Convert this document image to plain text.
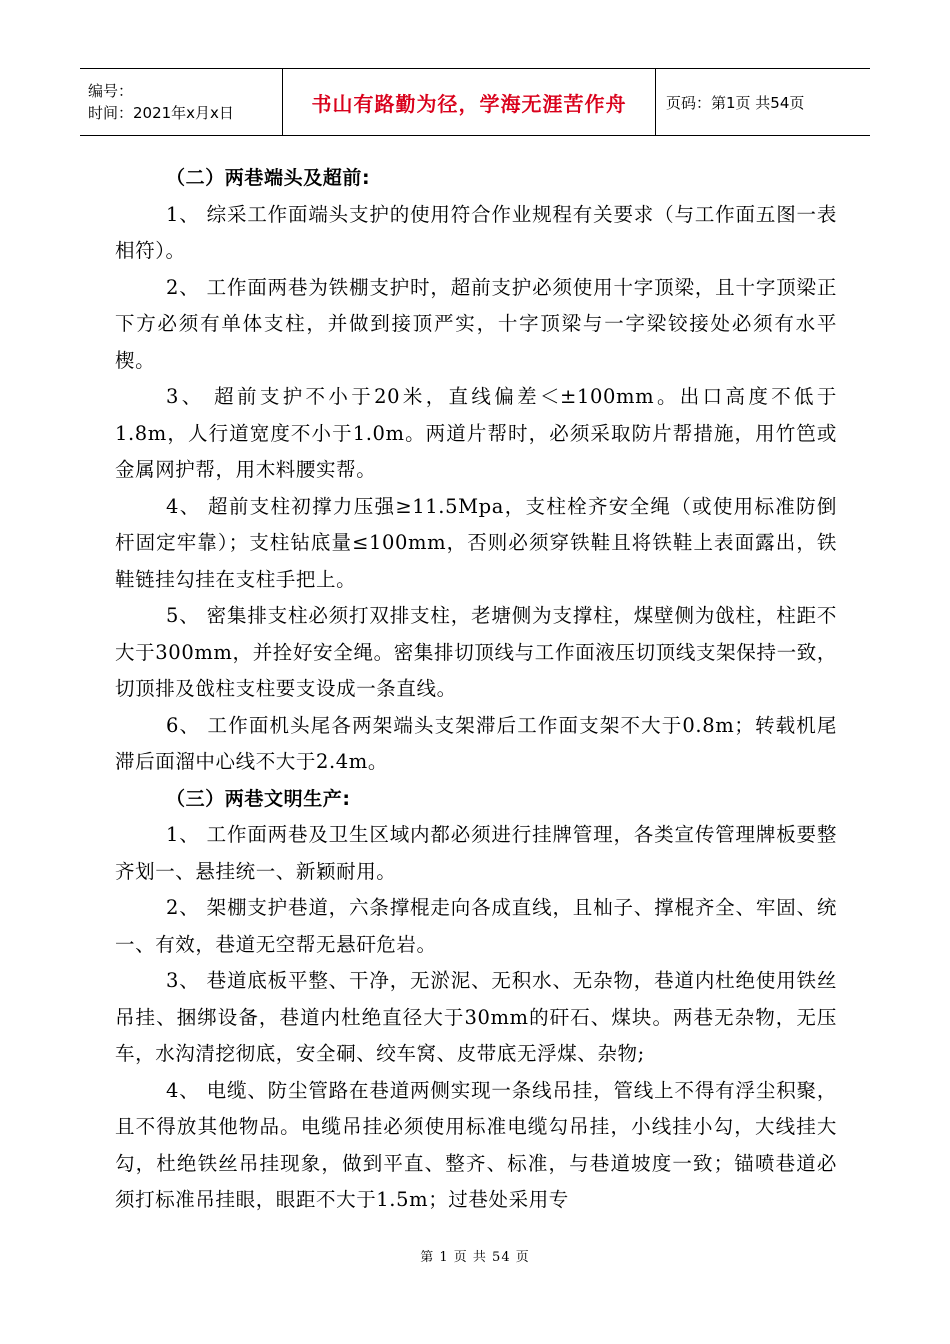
编号：
时间：2021年x月x日	书山有路勤为径，学海无涯苦作舟	页码：第1页 共54页

（二）两巷端头及超前:

1、 综采工作面端头支护的使用符合作业规程有关要求（与工作面五图一表相符）。

2、 工作面两巷为铁棚支护时，超前支护必须使用十字顶梁，且十字顶梁正下方必须有单体支柱，并做到接顶严实，十字顶梁与一字梁铰接处必须有水平楔。

3、 超前支护不小于20米，直线偏差＜±100mm。出口高度不低于1.8m，人行道宽度不小于1.0m。两道片帮时，必须采取防片帮措施，用竹笆或金属网护帮，用木料腰实帮。

4、 超前支柱初撑力压强≥11.5Mpa，支柱栓齐安全绳（或使用标准防倒杆固定牢靠）；支柱钻底量≤100mm，否则必须穿铁鞋且将铁鞋上表面露出，铁鞋链挂勾挂在支柱手把上。

5、 密集排支柱必须打双排支柱，老塘侧为支撑柱，煤壁侧为戗柱，柱距不大于300mm，并拴好安全绳。密集排切顶线与工作面液压切顶线支架保持一致，切顶排及戗柱支柱要支设成一条直线。

6、 工作面机头尾各两架端头支架滞后工作面支架不大于0.8m；转载机尾滞后面溜中心线不大于2.4m。

（三）两巷文明生产:

1、 工作面两巷及卫生区域内都必须进行挂牌管理，各类宣传管理牌板要整齐划一、悬挂统一、新颖耐用。

2、 架棚支护巷道，六条撑棍走向各成直线，且杣子、撑棍齐全、牢固、统一、有效，巷道无空帮无悬矸危岩。

3、 巷道底板平整、干净，无淤泥、无积水、无杂物，巷道内杜绝使用铁丝吊挂、捆绑设备，巷道内杜绝直径大于30mm的矸石、煤块。两巷无杂物，无压车，水沟清挖彻底，安全硐、绞车窝、皮带底无浮煤、杂物;

4、 电缆、防尘管路在巷道两侧实现一条线吊挂，管线上不得有浮尘积聚，且不得放其他物品。电缆吊挂必须使用标准电缆勾吊挂，小线挂小勾，大线挂大勾，杜绝铁丝吊挂现象，做到平直、整齐、标准，与巷道坡度一致；锚喷巷道必须打标准吊挂眼，眼距不大于1.5m；过巷处采用专

第 1 页 共 54 页
